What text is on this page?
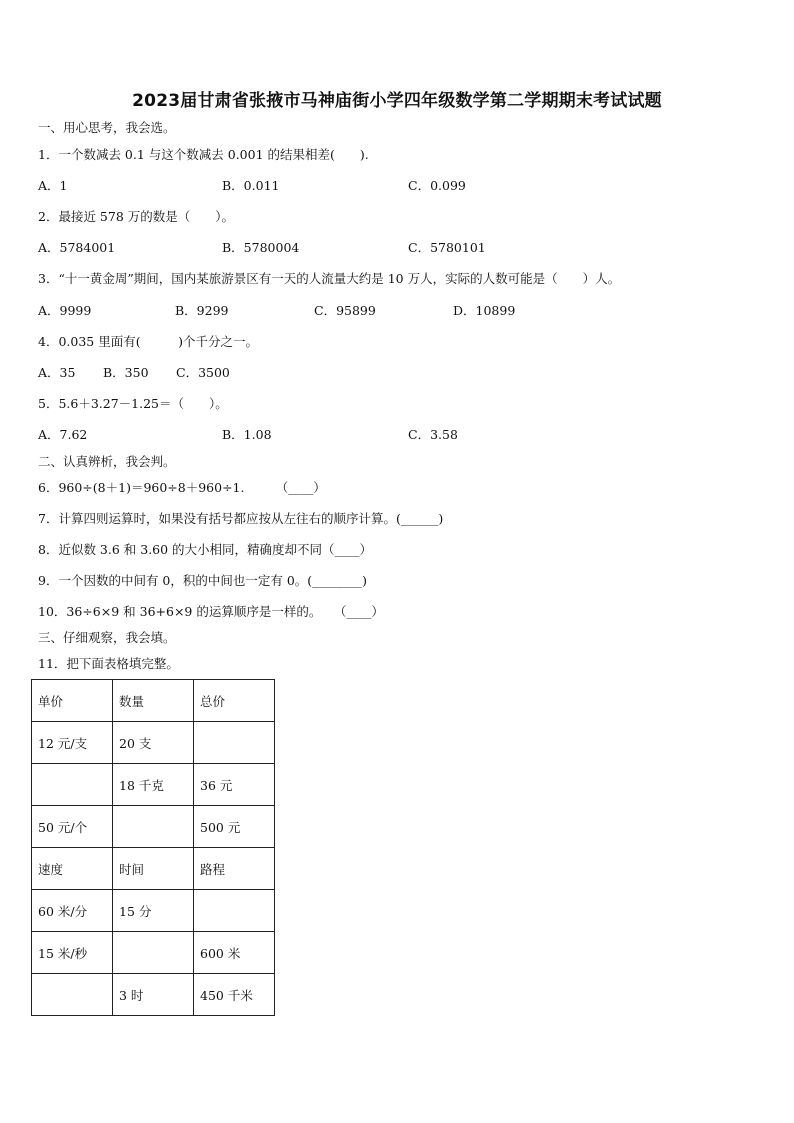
2023届甘肃省张掖市马神庙街小学四年级数学第二学期期末考试试题
一、用心思考，我会选。
1．一个数减去 0.1 与这个数减去 0.001 的结果相差(　　).
A．1	B．0.011	C．0.099
2．最接近 578 万的数是（　　）。
A．5784001	B．5780004	C．5780101
3．“十一黄金周”期间，国内某旅游景区有一天的人流量大约是 10 万人，实际的人数可能是（　　）人。
A．9999	B．9299	C．95899	D．10899
4．0.035 里面有(　　　)个千分之一。
A．35 B．350 C．3500
5．5.6＋3.27－1.25＝（　　）。
A．7.62	B．1.08	C．3.58
二、认真辨析，我会判。
6．960÷(8＋1)＝960÷8＋960÷1.　　　（____）
7．计算四则运算时，如果没有括号都应按从左往右的顺序计算。(______)
8．近似数 3.6 和 3.60 的大小相同，精确度却不同（____）
9．一个因数的中间有 0，积的中间也一定有 0。(________)
10．36÷6×9 和 36+6×9 的运算顺序是一样的。　　（____）
三、仔细观察，我会填。
11．把下面表格填完整。
单价	数量	总价
12 元/支	20 支	
	18 千克	36 元
50 元/个		500 元
速度	时间	路程
60 米/分	15 分	
15 米/秒		600 米
	3 时	450 千米
